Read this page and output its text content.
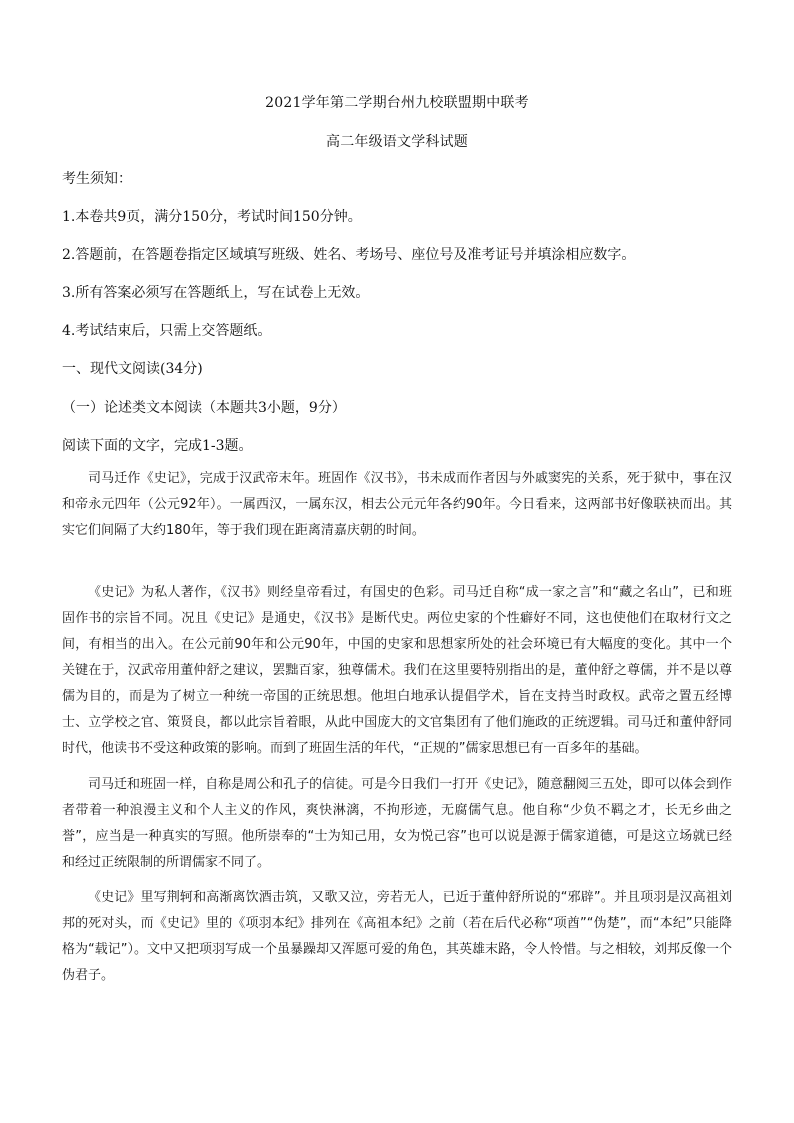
2021学年第二学期台州九校联盟期中联考
高二年级语文学科试题
考生须知：
1.本卷共9页，满分150分，考试时间150分钟。
2.答题前，在答题卷指定区域填写班级、姓名、考场号、座位号及准考证号并填涂相应数字。
3.所有答案必须写在答题纸上，写在试卷上无效。
4.考试结束后，只需上交答题纸。
一、现代文阅读(34分)
（一）论述类文本阅读（本题共3小题，9分）
阅读下面的文字，完成1-3题。
司马迁作《史记》，完成于汉武帝末年。班固作《汉书》，书未成而作者因与外戚窦宪的关系，死于狱中，事在汉和帝永元四年（公元92年）。一属西汉，一属东汉，相去公元元年各约90年。今日看来，这两部书好像联袂而出。其实它们间隔了大约180年，等于我们现在距离清嘉庆朝的时间。
《史记》为私人著作，《汉书》则经皇帝看过，有国史的色彩。司马迁自称“成一家之言”和“藏之名山”，已和班固作书的宗旨不同。况且《史记》是通史，《汉书》是断代史。两位史家的个性癖好不同，这也使他们在取材行文之间，有相当的出入。在公元前90年和公元90年，中国的史家和思想家所处的社会环境已有大幅度的变化。其中一个关键在于，汉武帝用董仲舒之建议，罢黜百家，独尊儒术。我们在这里要特别指出的是，董仲舒之尊儒，并不是以尊儒为目的，而是为了树立一种统一帝国的正统思想。他坦白地承认提倡学术，旨在支持当时政权。武帝之置五经博士、立学校之官、策贤良，都以此宗旨着眼，从此中国庞大的文官集团有了他们施政的正统逻辑。司马迁和董仲舒同时代，他读书不受这种政策的影响。而到了班固生活的年代，“正规的”儒家思想已有一百多年的基础。
司马迁和班固一样，自称是周公和孔子的信徒。可是今日我们一打开《史记》，随意翻阅三五处，即可以体会到作者带着一种浪漫主义和个人主义的作风，爽快淋漓，不拘形迹，无腐儒气息。他自称“少负不羁之才，长无乡曲之誉”，应当是一种真实的写照。他所崇奉的“士为知己用，女为悦己容”也可以说是源于儒家道德，可是这立场就已经和经过正统限制的所谓儒家不同了。
《史记》里写荆轲和高渐离饮酒击筑，又歌又泣，旁若无人，已近于董仲舒所说的“邪辟”。并且项羽是汉高祖刘邦的死对头，而《史记》里的《项羽本纪》排列在《高祖本纪》之前（若在后代必称“项酋”“伪楚”，而“本纪”只能降格为“载记”）。文中又把项羽写成一个虽暴躁却又浑愿可爱的角色，其英雄末路，令人怜惜。与之相较，刘邦反像一个伪君子。
